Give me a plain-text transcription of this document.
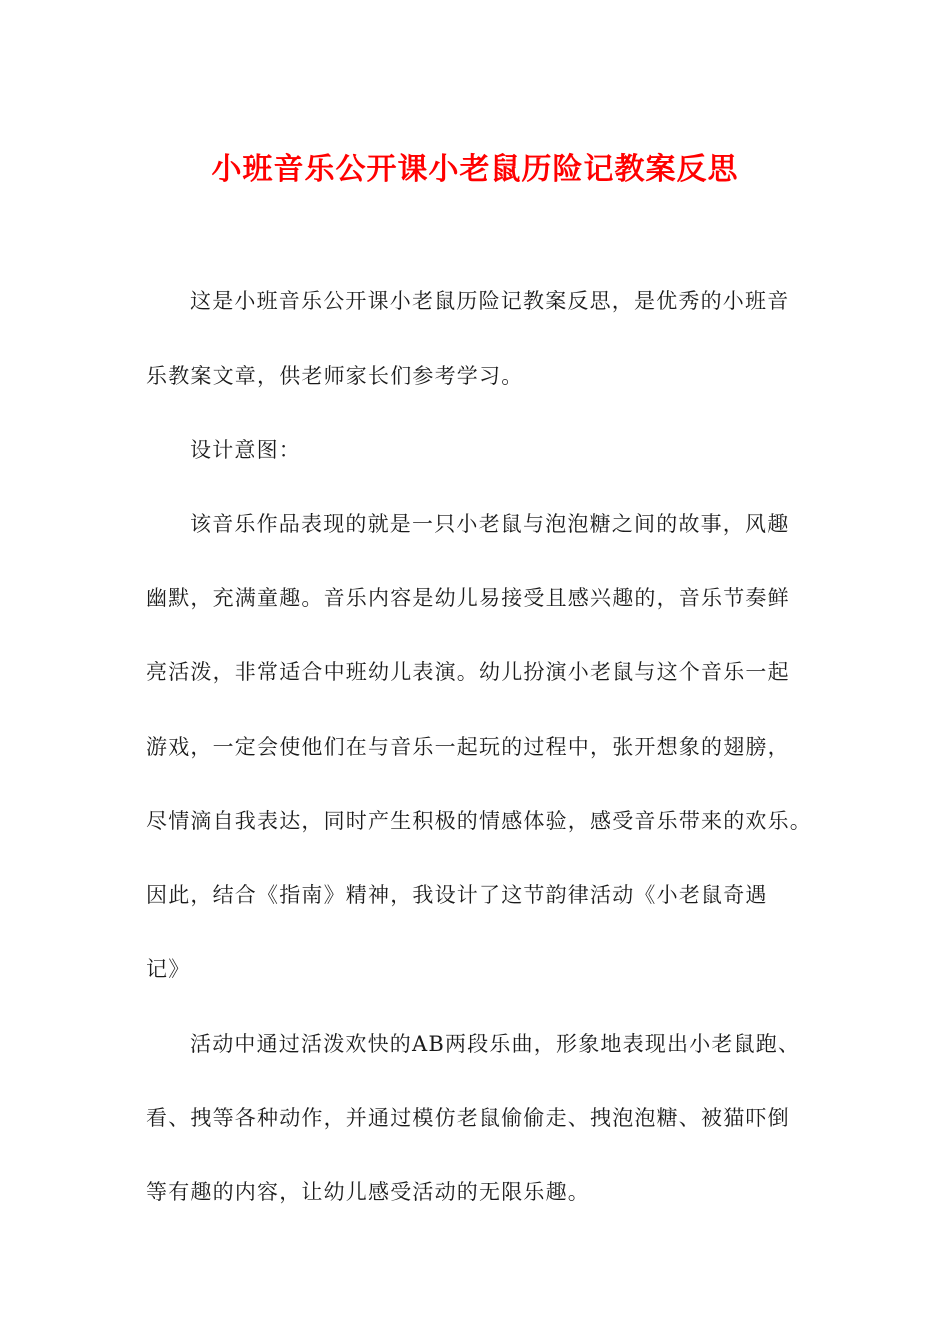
小班音乐公开课小老鼠历险记教案反思

这是小班音乐公开课小老鼠历险记教案反思，是优秀的小班音

乐教案文章，供老师家长们参考学习。

设计意图：

该音乐作品表现的就是一只小老鼠与泡泡糖之间的故事，风趣

幽默，充满童趣。音乐内容是幼儿易接受且感兴趣的，音乐节奏鲜

亮活泼，非常适合中班幼儿表演。幼儿扮演小老鼠与这个音乐一起

游戏，一定会使他们在与音乐一起玩的过程中，张开想象的翅膀，

尽情滴自我表达，同时产生积极的情感体验，感受音乐带来的欢乐。

因此，结合《指南》精神，我设计了这节韵律活动《小老鼠奇遇

记》

活动中通过活泼欢快的AB两段乐曲，形象地表现出小老鼠跑、

看、拽等各种动作，并通过模仿老鼠偷偷走、拽泡泡糖、被猫吓倒

等有趣的内容，让幼儿感受活动的无限乐趣。
